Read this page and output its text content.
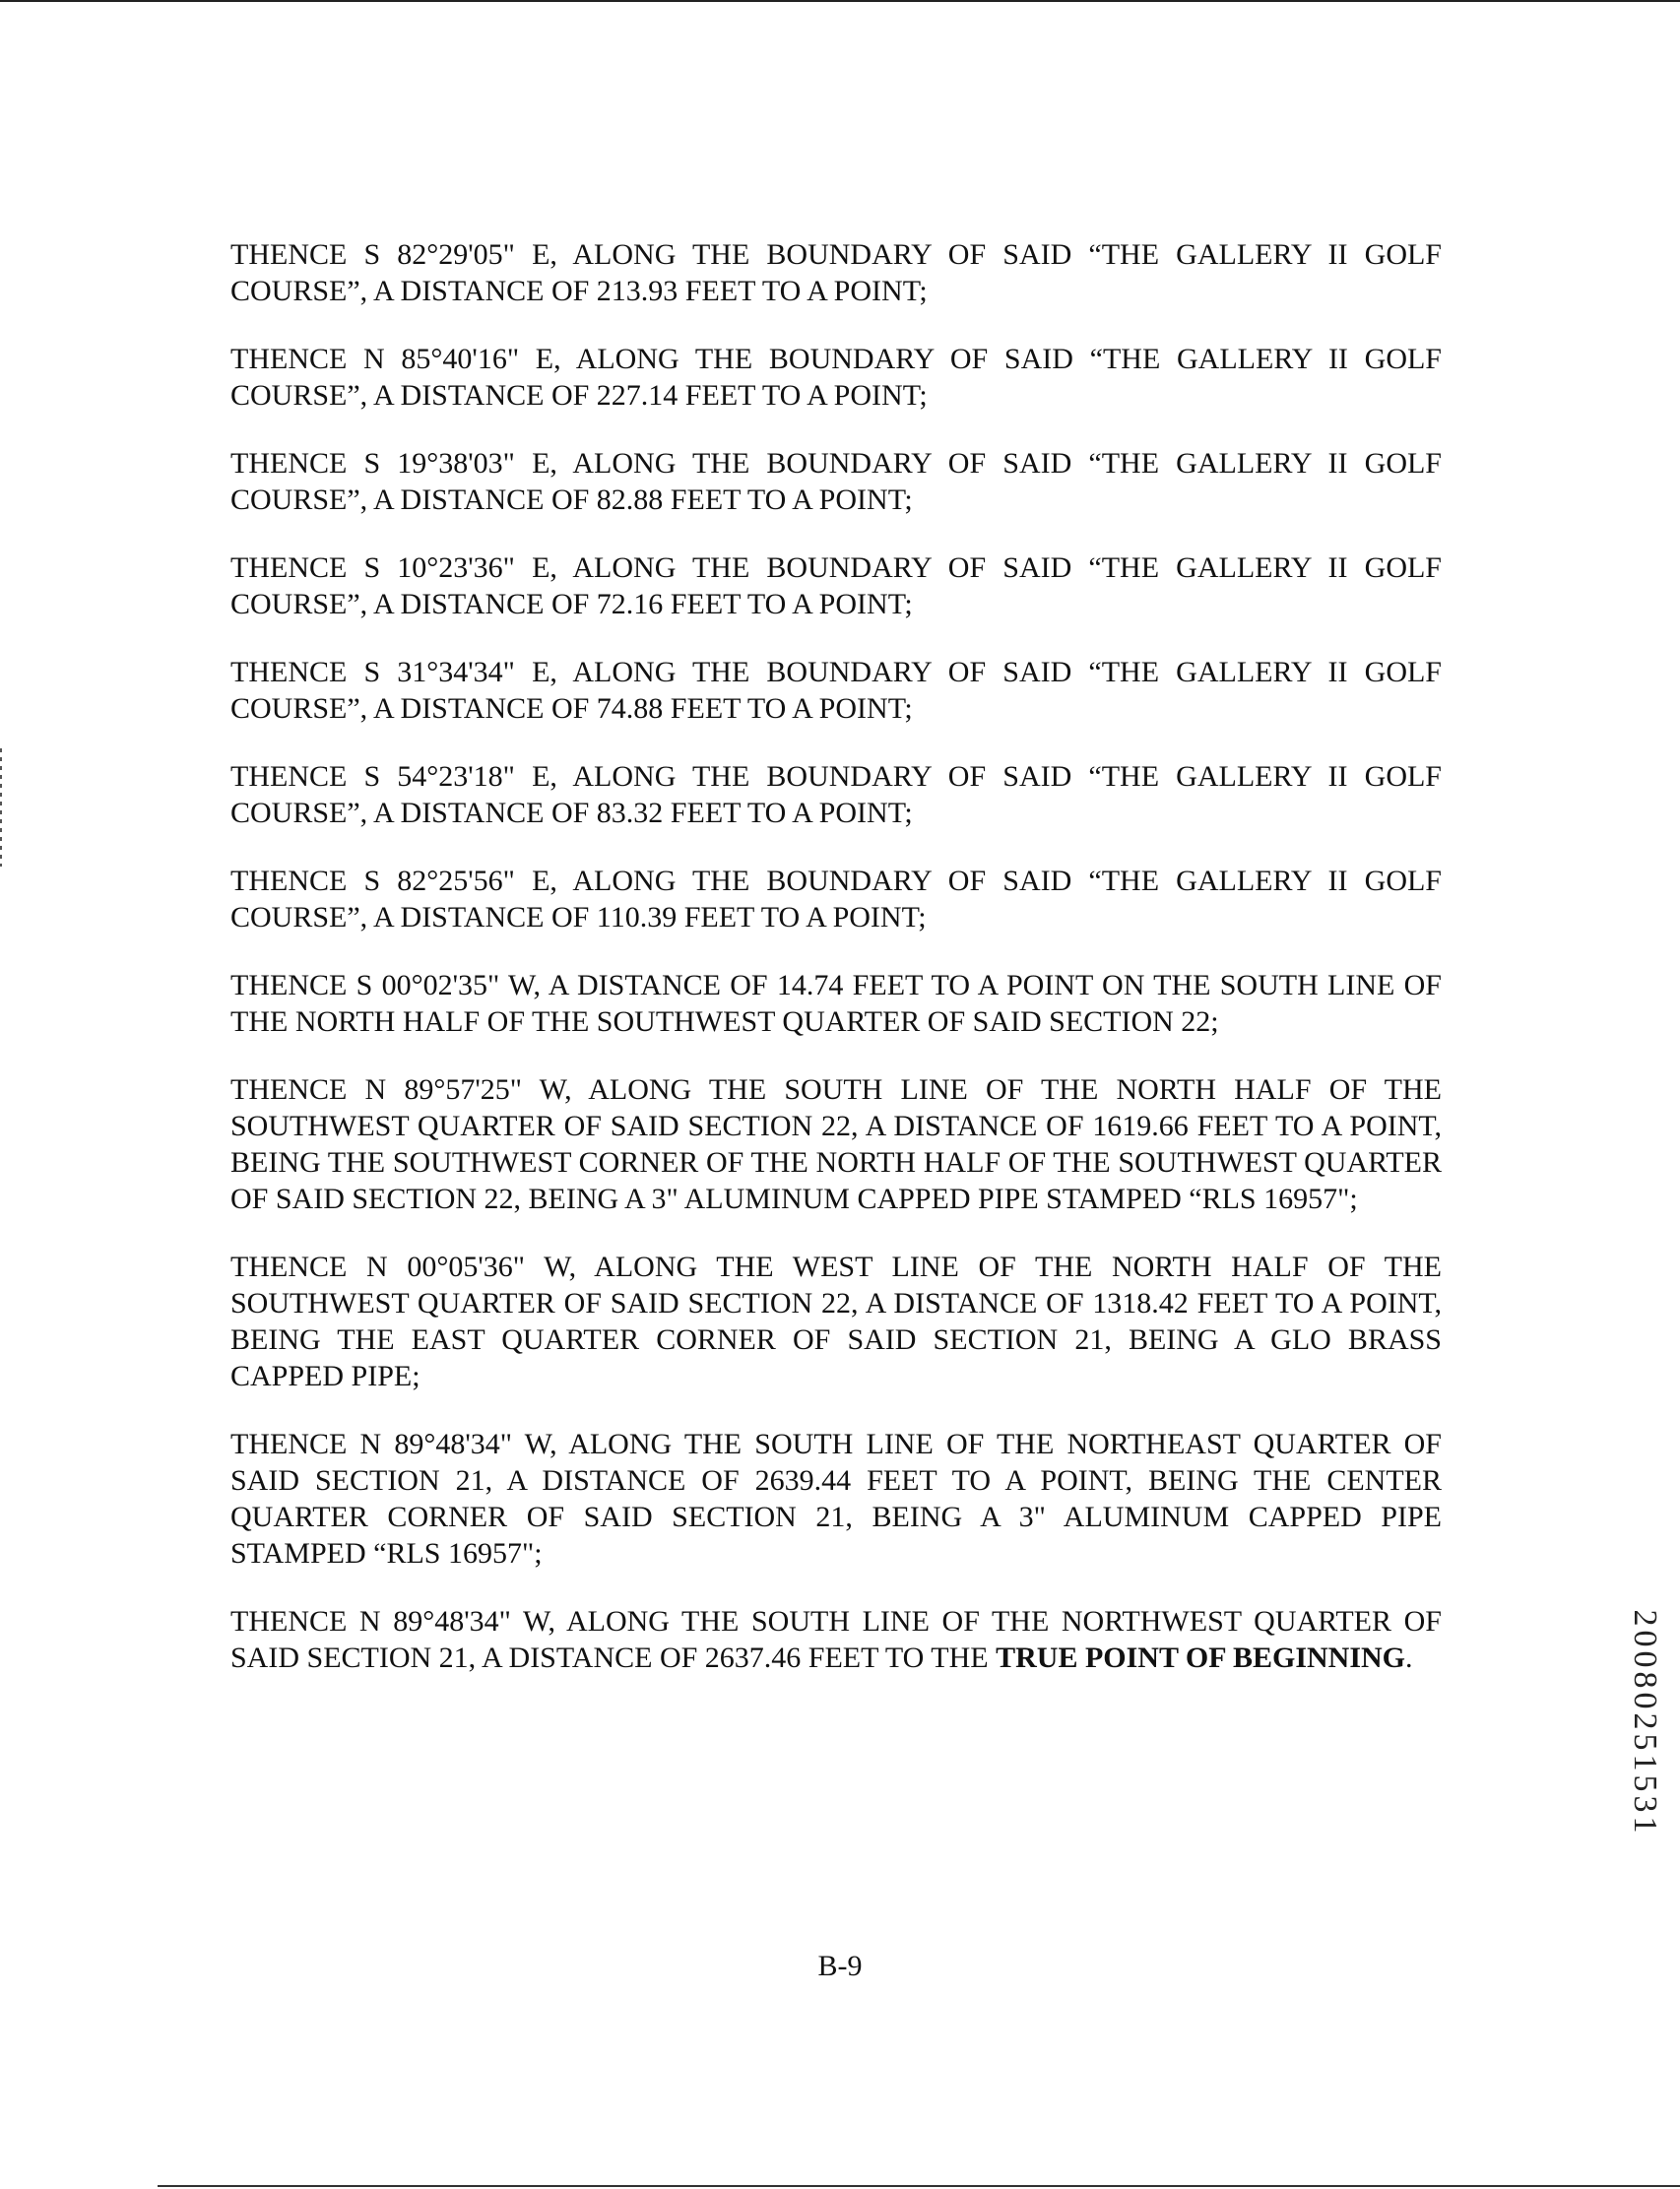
THENCE S 82°29'05" E, ALONG THE BOUNDARY OF SAID “THE GALLERY II GOLF COURSE”, A DISTANCE OF 213.93 FEET TO A POINT;

THENCE N 85°40'16" E, ALONG THE BOUNDARY OF SAID “THE GALLERY II GOLF COURSE”, A DISTANCE OF 227.14 FEET TO A POINT;

THENCE S 19°38'03" E, ALONG THE BOUNDARY OF SAID “THE GALLERY II GOLF COURSE”, A DISTANCE OF 82.88 FEET TO A POINT;

THENCE S 10°23'36" E, ALONG THE BOUNDARY OF SAID “THE GALLERY II GOLF COURSE”, A DISTANCE OF 72.16 FEET TO A POINT;

THENCE S 31°34'34" E, ALONG THE BOUNDARY OF SAID “THE GALLERY II GOLF COURSE”, A DISTANCE OF 74.88 FEET TO A POINT;

THENCE S 54°23'18" E, ALONG THE BOUNDARY OF SAID “THE GALLERY II GOLF COURSE”, A DISTANCE OF 83.32 FEET TO A POINT;

THENCE S 82°25'56" E, ALONG THE BOUNDARY OF SAID “THE GALLERY II GOLF COURSE”, A DISTANCE OF 110.39 FEET TO A POINT;

THENCE S 00°02'35" W, A DISTANCE OF 14.74 FEET TO A POINT ON THE SOUTH LINE OF THE NORTH HALF OF THE SOUTHWEST QUARTER OF SAID SECTION 22;

THENCE N 89°57'25" W, ALONG THE SOUTH LINE OF THE NORTH HALF OF THE SOUTHWEST QUARTER OF SAID SECTION 22, A DISTANCE OF 1619.66 FEET TO A POINT, BEING THE SOUTHWEST CORNER OF THE NORTH HALF OF THE SOUTHWEST QUARTER OF SAID SECTION 22, BEING A 3" ALUMINUM CAPPED PIPE STAMPED “RLS 16957";

THENCE N 00°05'36" W, ALONG THE WEST LINE OF THE NORTH HALF OF THE SOUTHWEST QUARTER OF SAID SECTION 22, A DISTANCE OF 1318.42 FEET TO A POINT, BEING THE EAST QUARTER CORNER OF SAID SECTION 21, BEING A GLO BRASS CAPPED PIPE;

THENCE N 89°48'34" W, ALONG THE SOUTH LINE OF THE NORTHEAST QUARTER OF SAID SECTION 21, A DISTANCE OF 2639.44 FEET TO A POINT, BEING THE CENTER QUARTER CORNER OF SAID SECTION 21, BEING A 3" ALUMINUM CAPPED PIPE STAMPED “RLS 16957";

THENCE N 89°48'34" W, ALONG THE SOUTH LINE OF THE NORTHWEST QUARTER OF SAID SECTION 21, A DISTANCE OF 2637.46 FEET TO THE TRUE POINT OF BEGINNING.

B-9
20080251531
